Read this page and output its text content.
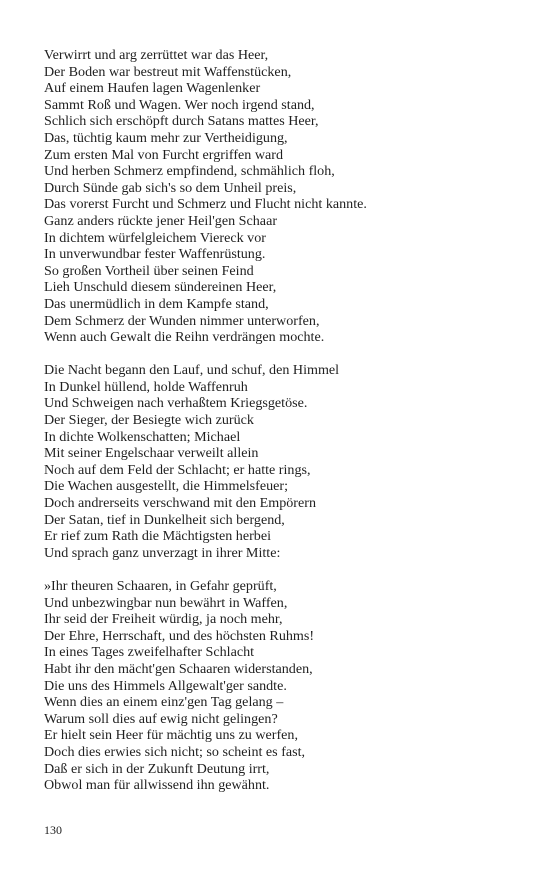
Verwirrt und arg zerrüttet war das Heer,
Der Boden war bestreut mit Waffenstücken,
Auf einem Haufen lagen Wagenlenker
Sammt Roß und Wagen. Wer noch irgend stand,
Schlich sich erschöpft durch Satans mattes Heer,
Das, tüchtig kaum mehr zur Vertheidigung,
Zum ersten Mal von Furcht ergriffen ward
Und herben Schmerz empfindend, schmählich floh,
Durch Sünde gab sich's so dem Unheil preis,
Das vorerst Furcht und Schmerz und Flucht nicht kannte.
Ganz anders rückte jener Heil'gen Schaar
In dichtem würfelgleichem Viereck vor
In unverwundbar fester Waffenrüstung.
So großen Vortheil über seinen Feind
Lieh Unschuld diesem sündereinen Heer,
Das unermüdlich in dem Kampfe stand,
Dem Schmerz der Wunden nimmer unterworfen,
Wenn auch Gewalt die Reihn verdrängen mochte.
Die Nacht begann den Lauf, und schuf, den Himmel
In Dunkel hüllend, holde Waffenruh
Und Schweigen nach verhaßtem Kriegsgetöse.
Der Sieger, der Besiegte wich zurück
In dichte Wolkenschatten; Michael
Mit seiner Engelschaar verweilt allein
Noch auf dem Feld der Schlacht; er hatte rings,
Die Wachen ausgestellt, die Himmelsfeuer;
Doch andrerseits verschwand mit den Empörern
Der Satan, tief in Dunkelheit sich bergend,
Er rief zum Rath die Mächtigsten herbei
Und sprach ganz unverzagt in ihrer Mitte:
»Ihr theuren Schaaren, in Gefahr geprüft,
Und unbezwingbar nun bewährt in Waffen,
Ihr seid der Freiheit würdig, ja noch mehr,
Der Ehre, Herrschaft, und des höchsten Ruhms!
In eines Tages zweifelhafter Schlacht
Habt ihr den mächt'gen Schaaren widerstanden,
Die uns des Himmels Allgewalt'ger sandte.
Wenn dies an einem einz'gen Tag gelang –
Warum soll dies auf ewig nicht gelingen?
Er hielt sein Heer für mächtig uns zu werfen,
Doch dies erwies sich nicht; so scheint es fast,
Daß er sich in der Zukunft Deutung irrt,
Obwol man für allwissend ihn gewähnt.
130
